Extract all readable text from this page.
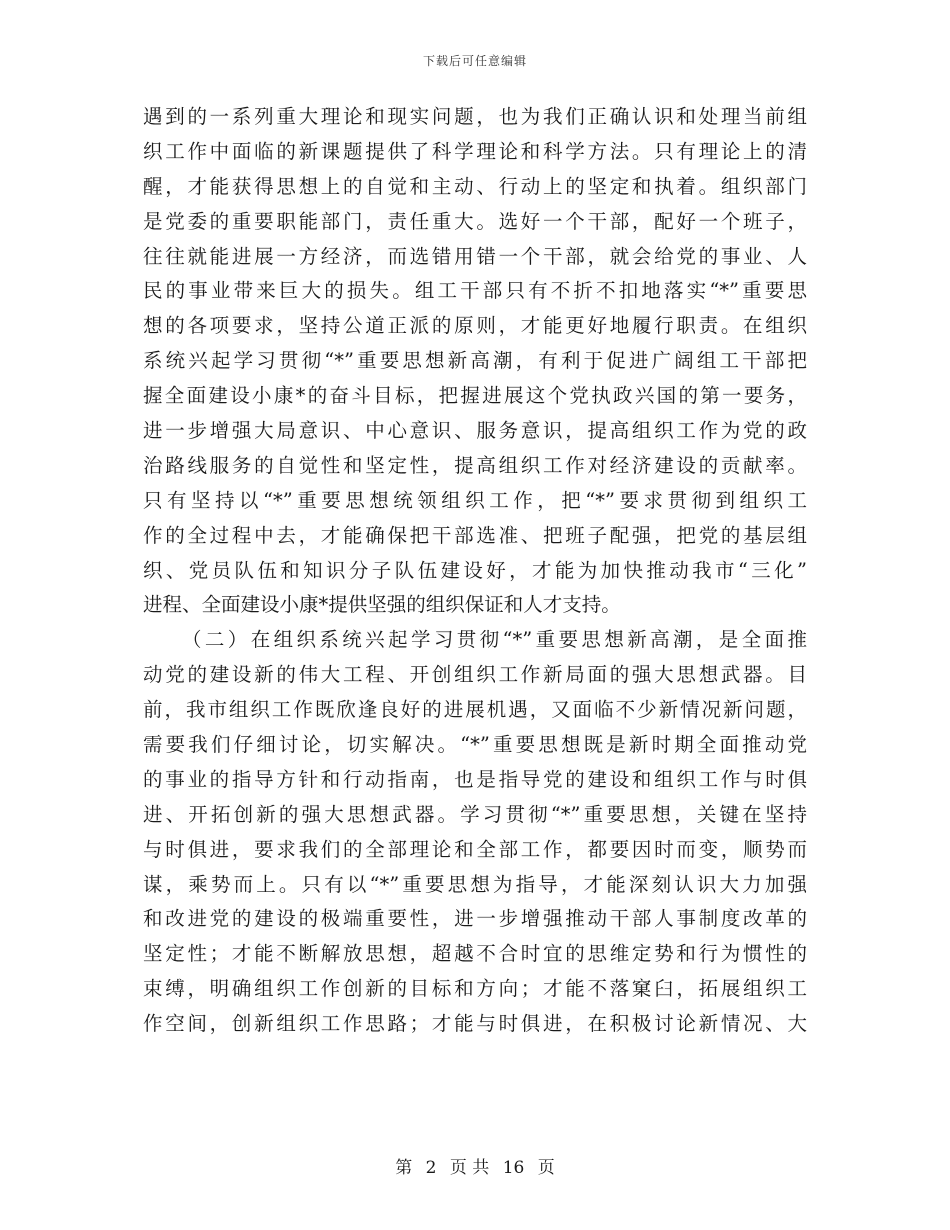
下载后可任意编辑
遇到的一系列重大理论和现实问题，也为我们正确认识和处理当前组
织工作中面临的新课题提供了科学理论和科学方法。只有理论上的清
醒，才能获得思想上的自觉和主动、行动上的坚定和执着。组织部门
是党委的重要职能部门，责任重大。选好一个干部，配好一个班子，
往往就能进展一方经济，而选错用错一个干部，就会给党的事业、人
民的事业带来巨大的损失。组工干部只有不折不扣地落实“*”重要思
想的各项要求，坚持公道正派的原则，才能更好地履行职责。在组织
系统兴起学习贯彻“*”重要思想新高潮，有利于促进广阔组工干部把
握全面建设小康*的奋斗目标，把握进展这个党执政兴国的第一要务，
进一步增强大局意识、中心意识、服务意识，提高组织工作为党的政
治路线服务的自觉性和坚定性，提高组织工作对经济建设的贡献率。
只有坚持以“*”重要思想统领组织工作，把“*”要求贯彻到组织工
作的全过程中去，才能确保把干部选准、把班子配强，把党的基层组
织、党员队伍和知识分子队伍建设好，才能为加快推动我市“三化”
进程、全面建设小康*提供坚强的组织保证和人才支持。
（二）在组织系统兴起学习贯彻“*”重要思想新高潮，是全面推
动党的建设新的伟大工程、开创组织工作新局面的强大思想武器。目
前，我市组织工作既欣逢良好的进展机遇，又面临不少新情况新问题，
需要我们仔细讨论，切实解决。“*”重要思想既是新时期全面推动党
的事业的指导方针和行动指南，也是指导党的建设和组织工作与时俱
进、开拓创新的强大思想武器。学习贯彻“*”重要思想，关键在坚持
与时俱进，要求我们的全部理论和全部工作，都要因时而变，顺势而
谋，乘势而上。只有以“*”重要思想为指导，才能深刻认识大力加强
和改进党的建设的极端重要性，进一步增强推动干部人事制度改革的
坚定性；才能不断解放思想，超越不合时宜的思维定势和行为惯性的
束缚，明确组织工作创新的目标和方向；才能不落窠臼，拓展组织工
作空间，创新组织工作思路；才能与时俱进，在积极讨论新情况、大
第 2 页 共 16 页
